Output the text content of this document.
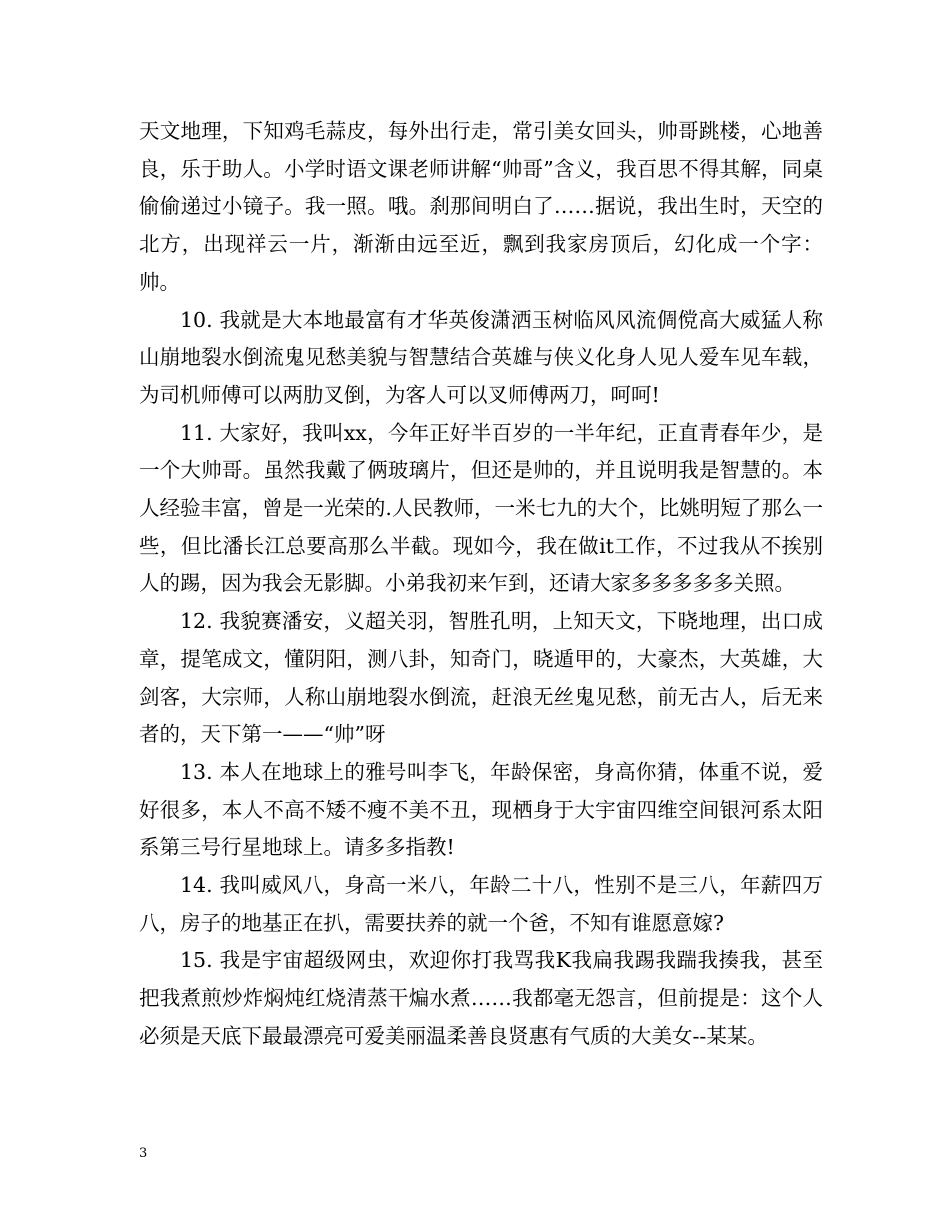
天文地理，下知鸡毛蒜皮，每外出行走，常引美女回头，帅哥跳楼，心地善良，乐于助人。小学时语文课老师讲解“帅哥”含义，我百思不得其解，同桌偷偷递过小镜子。我一照。哦。刹那间明白了……据说，我出生时，天空的北方，出现祥云一片，渐渐由远至近，飘到我家房顶后，幻化成一个字：帅。

10. 我就是大本地最富有才华英俊潇洒玉树临风风流倜傥高大威猛人称山崩地裂水倒流鬼见愁美貌与智慧结合英雄与侠义化身人见人爱车见车载，为司机师傅可以两肋叉倒，为客人可以叉师傅两刀，呵呵!

11. 大家好，我叫xx，今年正好半百岁的一半年纪，正直青春年少，是一个大帅哥。虽然我戴了俩玻璃片，但还是帅的，并且说明我是智慧的。本人经验丰富，曾是一光荣的.人民教师，一米七九的大个，比姚明短了那么一些，但比潘长江总要高那么半截。现如今，我在做it工作，不过我从不挨别人的踢，因为我会无影脚。小弟我初来乍到，还请大家多多多多多关照。

12. 我貌赛潘安，义超关羽，智胜孔明，上知天文，下晓地理，出口成章，提笔成文，懂阴阳，测八卦，知奇门，晓遁甲的，大豪杰，大英雄，大剑客，大宗师，人称山崩地裂水倒流，赶浪无丝鬼见愁，前无古人，后无来者的，天下第一——“帅”呀

13. 本人在地球上的雅号叫李飞，年龄保密，身高你猜，体重不说，爱好很多，本人不高不矮不瘦不美不丑，现栖身于大宇宙四维空间银河系太阳系第三号行星地球上。请多多指教!

14. 我叫威风八，身高一米八，年龄二十八，性别不是三八，年薪四万八，房子的地基正在扒，需要扶养的就一个爸，不知有谁愿意嫁?

15. 我是宇宙超级网虫，欢迎你打我骂我K我扁我踢我踹我揍我，甚至把我煮煎炒炸焖炖红烧清蒸干煸水煮……我都毫无怨言，但前提是：这个人必须是天底下最最漂亮可爱美丽温柔善良贤惠有气质的大美女--某某。

3
